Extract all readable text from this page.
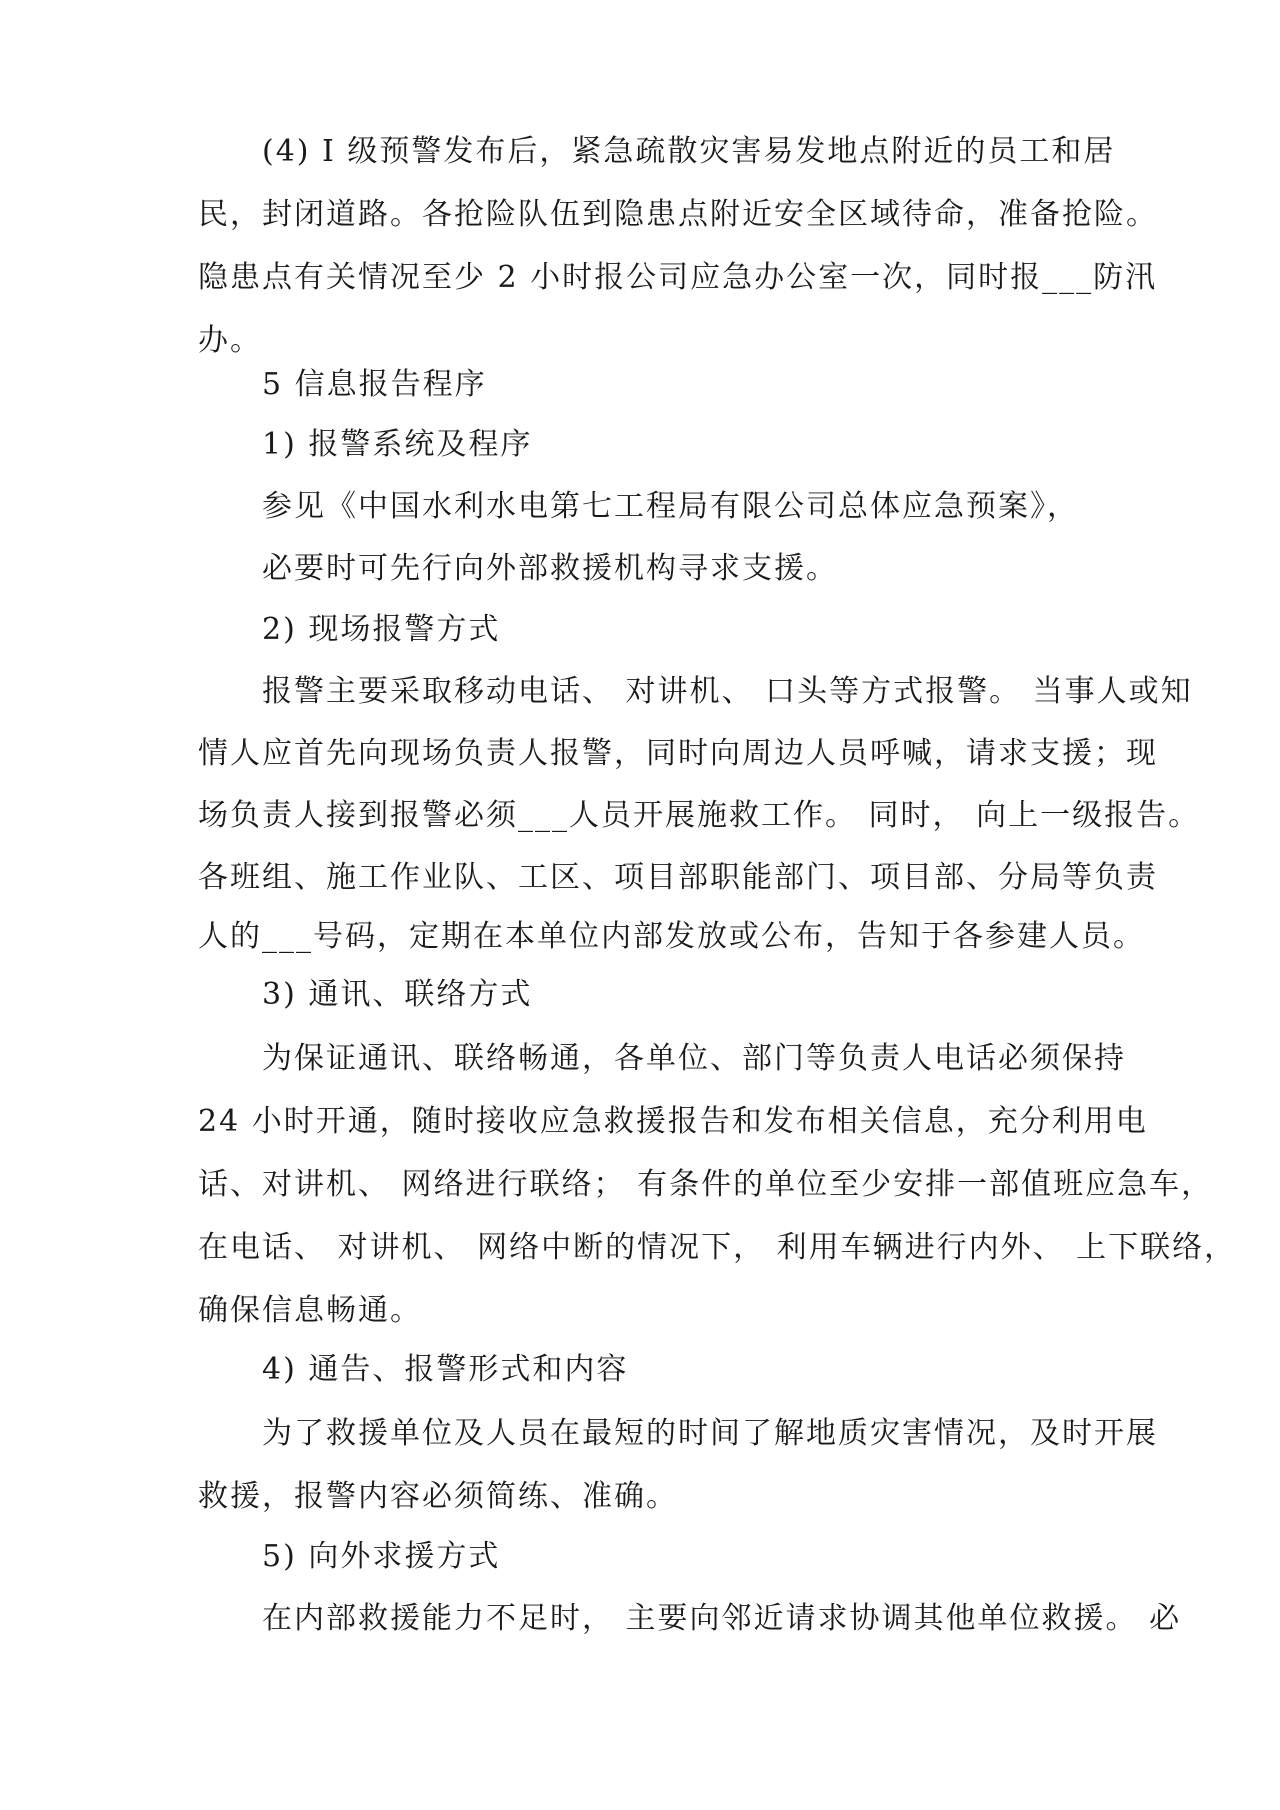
(4) I 级预警发布后，紧急疏散灾害易发地点附近的员工和居
民，封闭道路。各抢险队伍到隐患点附近安全区域待命，准备抢险。
隐患点有关情况至少 2 小时报公司应急办公室一次，同时报___防汛
办。
5 信息报告程序
1) 报警系统及程序
参见《中国水利水电第七工程局有限公司总体应急预案》，
必要时可先行向外部救援机构寻求支援。
2) 现场报警方式
报警主要采取移动电话、 对讲机、 口头等方式报警。 当事人或知
情人应首先向现场负责人报警，同时向周边人员呼喊，请求支援；现
场负责人接到报警必须___人员开展施救工作。 同时， 向上一级报告。
各班组、施工作业队、工区、项目部职能部门、项目部、分局等负责
人的___号码，定期在本单位内部发放或公布，告知于各参建人员。
3) 通讯、联络方式
为保证通讯、联络畅通，各单位、部门等负责人电话必须保持
24 小时开通，随时接收应急救援报告和发布相关信息，充分利用电
话、对讲机、 网络进行联络； 有条件的单位至少安排一部值班应急车，
在电话、 对讲机、 网络中断的情况下， 利用车辆进行内外、 上下联络，
确保信息畅通。
4) 通告、报警形式和内容
为了救援单位及人员在最短的时间了解地质灾害情况，及时开展
救援，报警内容必须简练、准确。
5) 向外求援方式
在内部救援能力不足时， 主要向邻近请求协调其他单位救援。 必
